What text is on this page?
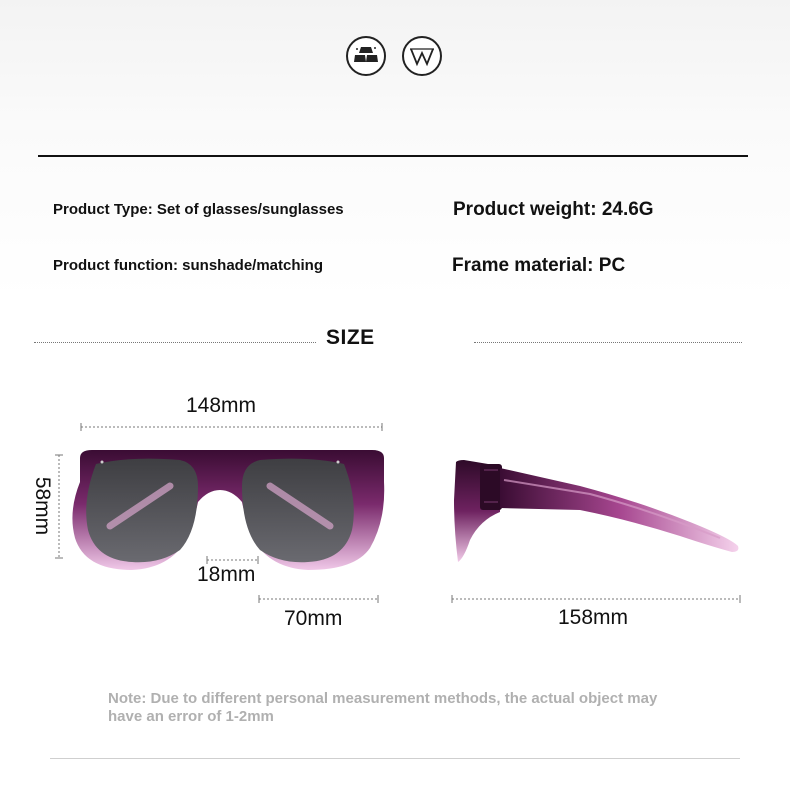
Product Type: Set of glasses/sunglasses	Product weight: 24.6G
Product function: sunshade/matching	Frame material: PC
SIZE
148mm
58mm
18mm
70mm	158mm
Note: Due to different personal measurement methods, the actual object may
have an error of 1-2mm
